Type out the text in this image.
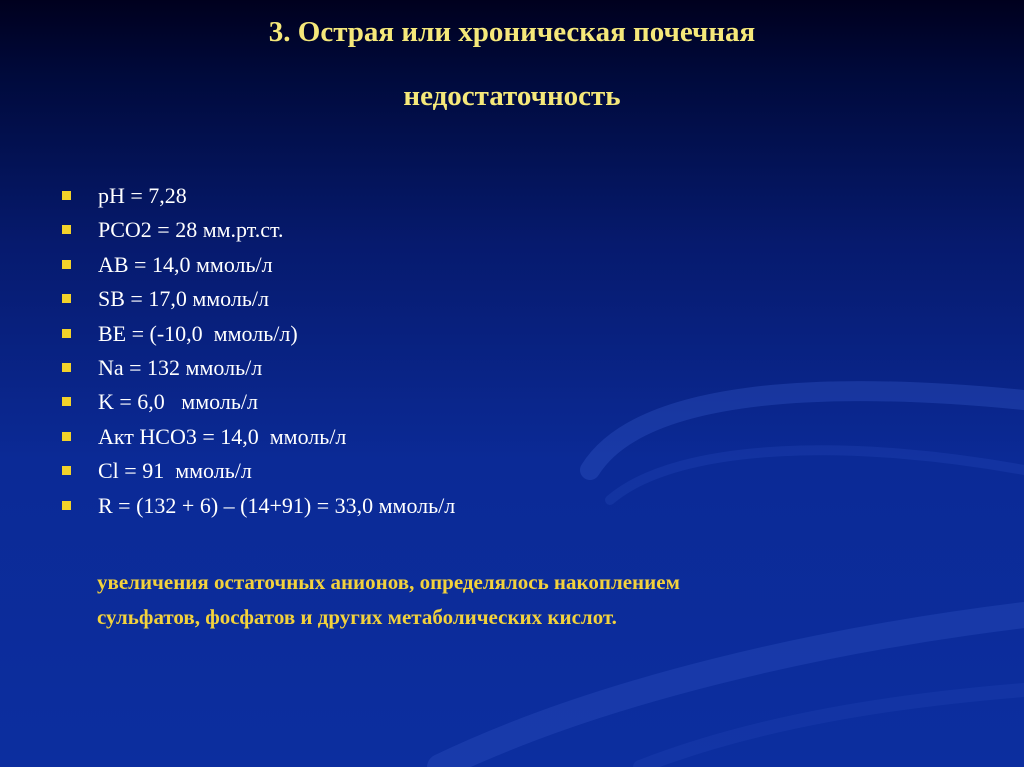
3. Острая или хроническая почечная
недостаточность
pH = 7,28
PCO2 = 28 мм.рт.ст.
AB = 14,0 ммоль/л
SB = 17,0 ммоль/л
BE = (-10,0  ммоль/л)
Na = 132 ммоль/л
K = 6,0   ммоль/л
Акт НСО3 = 14,0  ммоль/л
Cl = 91  ммоль/л
R = (132 + 6) – (14+91) = 33,0 ммоль/л

увеличения остаточных анионов, определялось накоплением
сульфатов, фосфатов и других метаболических кислот.
